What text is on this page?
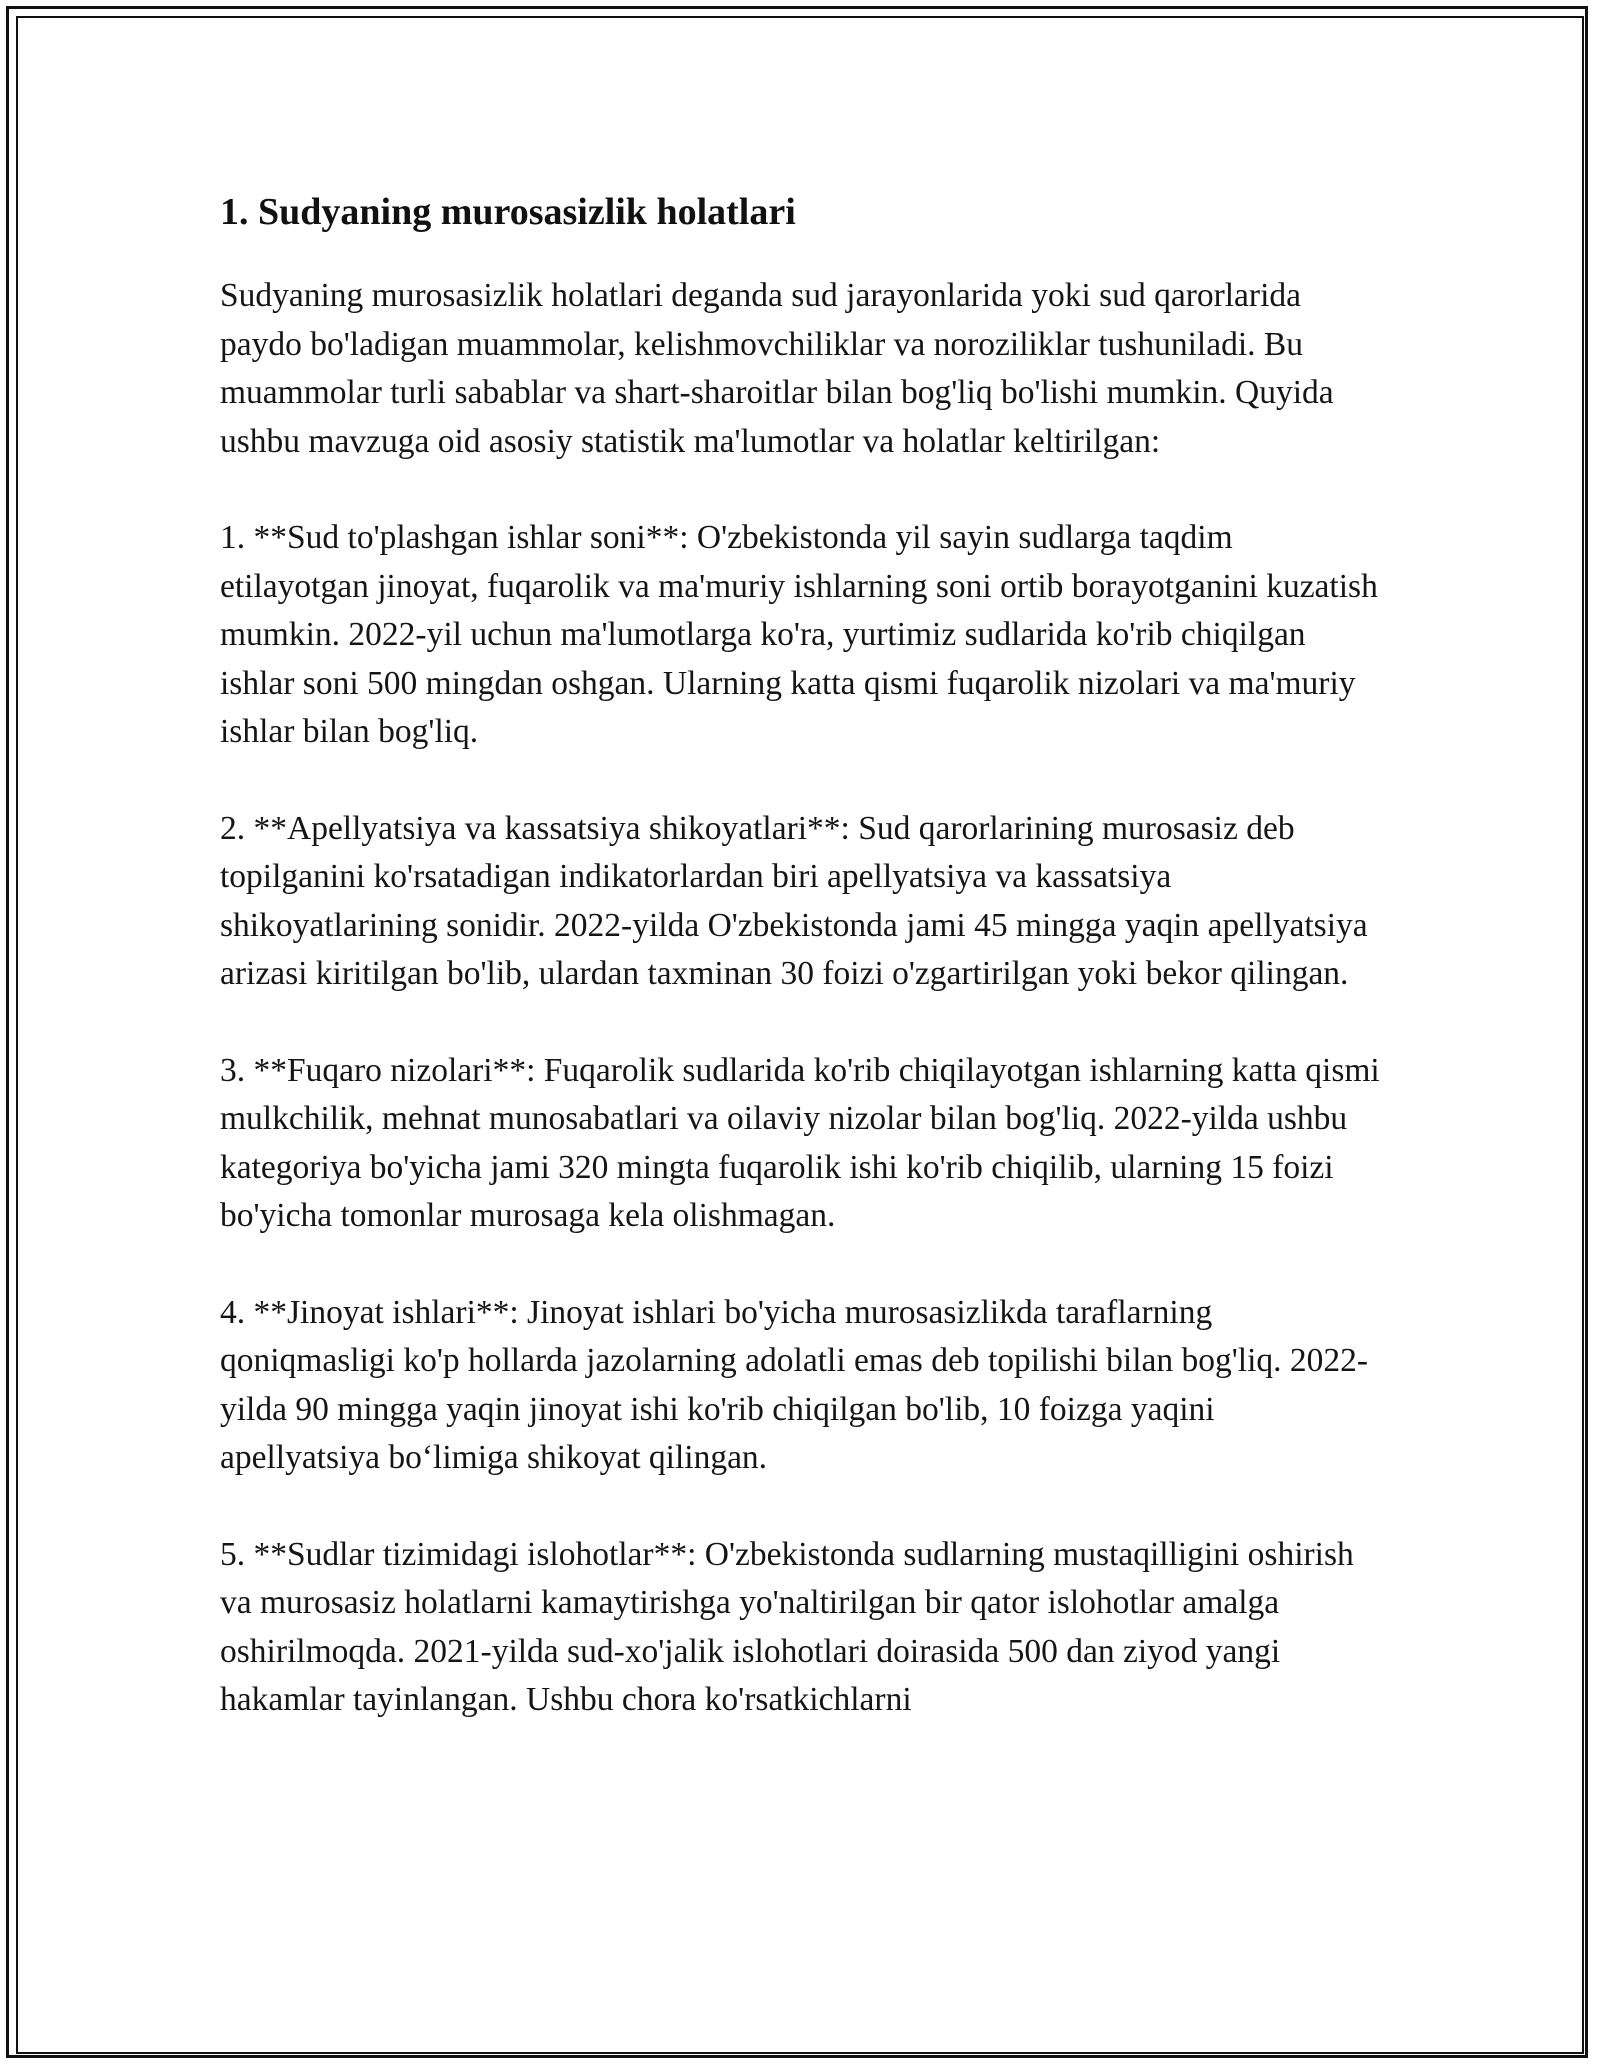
1. Sudyaning murosasizlik holatlari

Sudyaning murosasizlik holatlari deganda sud jarayonlarida yoki sud qarorlarida paydo bo'ladigan muammolar, kelishmovchiliklar va noroziliklar tushuniladi. Bu muammolar turli sabablar va shart-sharoitlar bilan bog'liq bo'lishi mumkin. Quyida ushbu mavzuga oid asosiy statistik ma'lumotlar va holatlar keltirilgan:

1. **Sud to'plashgan ishlar soni**: O'zbekistonda yil sayin sudlarga taqdim etilayotgan jinoyat, fuqarolik va ma'muriy ishlarning soni ortib borayotganini kuzatish mumkin. 2022-yil uchun ma'lumotlarga ko'ra, yurtimiz sudlarida ko'rib chiqilgan ishlar soni 500 mingdan oshgan. Ularning katta qismi fuqarolik nizolari va ma'muriy ishlar bilan bog'liq.

2. **Apellyatsiya va kassatsiya shikoyatlari**: Sud qarorlarining murosasiz deb topilganini ko'rsatadigan indikatorlardan biri apellyatsiya va kassatsiya shikoyatlarining sonidir. 2022-yilda O'zbekistonda jami 45 mingga yaqin apellyatsiya arizasi kiritilgan bo'lib, ulardan taxminan 30 foizi o'zgartirilgan yoki bekor qilingan.

3. **Fuqaro nizolari**: Fuqarolik sudlarida ko'rib chiqilayotgan ishlarning katta qismi mulkchilik, mehnat munosabatlari va oilaviy nizolar bilan bog'liq. 2022-yilda ushbu kategoriya bo'yicha jami 320 mingta fuqarolik ishi ko'rib chiqilib, ularning 15 foizi bo'yicha tomonlar murosaga kela olishmagan.

4. **Jinoyat ishlari**: Jinoyat ishlari bo'yicha murosasizlikda taraflarning qoniqmasligi ko'p hollarda jazolarning adolatli emas deb topilishi bilan bog'liq. 2022-yilda 90 mingga yaqin jinoyat ishi ko'rib chiqilgan bo'lib, 10 foizga yaqini apellyatsiya bo‘limiga shikoyat qilingan.

5. **Sudlar tizimidagi islohotlar**: O'zbekistonda sudlarning mustaqilligini oshirish va murosasiz holatlarni kamaytirishga yo'naltirilgan bir qator islohotlar amalga oshirilmoqda. 2021-yilda sud-xo'jalik islohotlari doirasida 500 dan ziyod yangi hakamlar tayinlangan. Ushbu chora ko'rsatkichlarni
